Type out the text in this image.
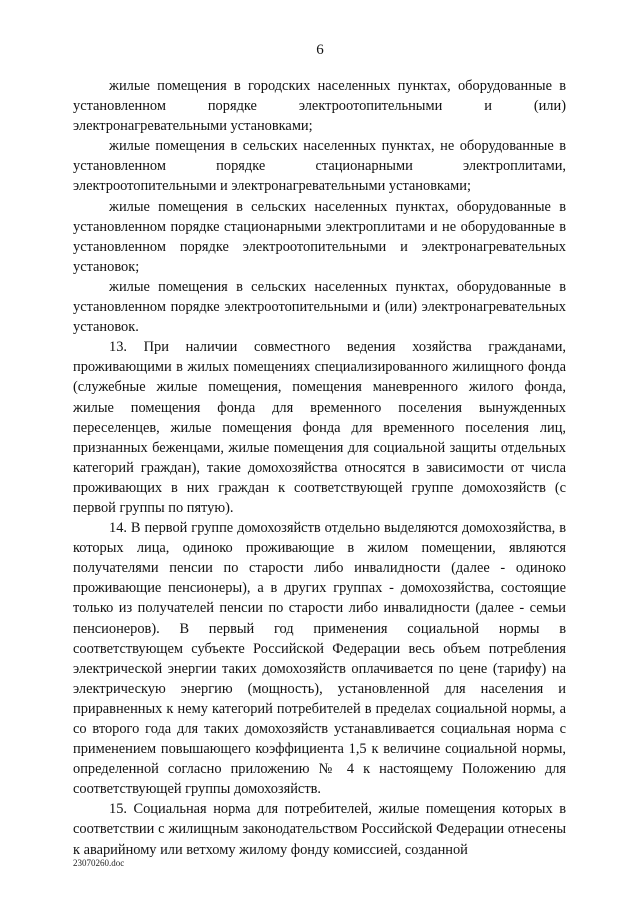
6

жилые помещения в городских населенных пунктах, оборудованные в установленном порядке электроотопительными и (или) электронагревательными установками;

жилые помещения в сельских населенных пунктах, не оборудованные в установленном порядке стационарными электроплитами, электроотопительными и электронагревательными установками;

жилые помещения в сельских населенных пунктах, оборудованные в установленном порядке стационарными электроплитами и не оборудованные в установленном порядке электроотопительными и электронагревательных установок;

жилые помещения в сельских населенных пунктах, оборудованные в установленном порядке электроотопительными и (или) электронагревательных установок.

13. При наличии совместного ведения хозяйства гражданами, проживающими в жилых помещениях специализированного жилищного фонда (служебные жилые помещения, помещения маневренного жилого фонда, жилые помещения фонда для временного поселения вынужденных переселенцев, жилые помещения фонда для временного поселения лиц, признанных беженцами, жилые помещения для социальной защиты отдельных категорий граждан), такие домохозяйства относятся в зависимости от числа проживающих в них граждан к соответствующей группе домохозяйств (с первой группы по пятую).

14. В первой группе домохозяйств отдельно выделяются домохозяйства, в которых лица, одиноко проживающие в жилом помещении, являются получателями пенсии по старости либо инвалидности (далее - одиноко проживающие пенсионеры), а в других группах - домохозяйства, состоящие только из получателей пенсии по старости либо инвалидности (далее - семьи пенсионеров). В первый год применения социальной нормы в соответствующем субъекте Российской Федерации весь объем потребления электрической энергии таких домохозяйств оплачивается по цене (тарифу) на электрическую энергию (мощность), установленной для населения и приравненных к нему категорий потребителей в пределах социальной нормы, а со второго года для таких домохозяйств устанавливается социальная норма с применением повышающего коэффициента 1,5 к величине социальной нормы, определенной согласно приложению № 4 к настоящему Положению для соответствующей группы домохозяйств.

15. Социальная норма для потребителей, жилые помещения которых в соответствии с жилищным законодательством Российской Федерации отнесены к аварийному или ветхому жилому фонду комиссией, созданной

23070260.doc
